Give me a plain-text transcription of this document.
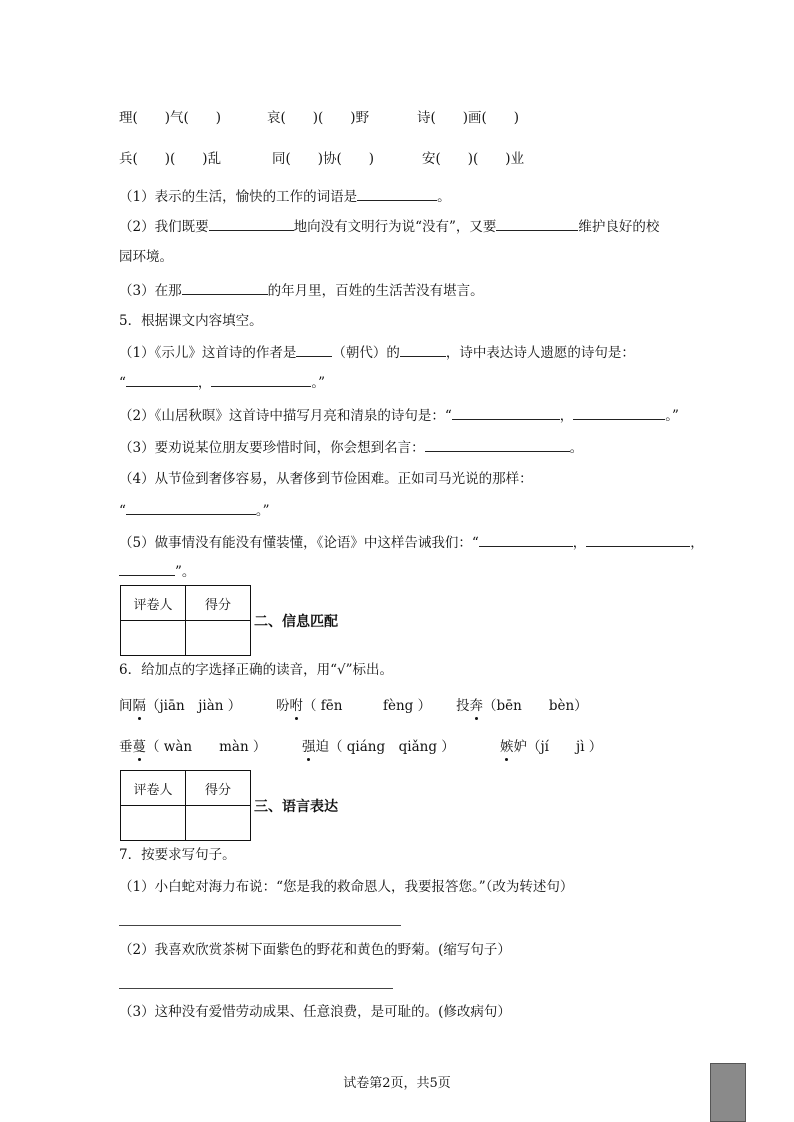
理(　　)气(　　)	哀(　　)(　　)野	诗(　　)画(　　)
兵(　　)(　　)乱	同(　　)协(　　)	安(　　)(　　)业
（1）表示的生活，愉快的工作的词语是	。
（2）我们既要	地向没有文明行为说“没有”，又要	维护良好的校
园环境。
（3）在那	的年月里，百姓的生活苦没有堪言。
5．根据课文内容填空。
（1）《示儿》这首诗的作者是	（朝代）的	，诗中表达诗人遗愿的诗句是：
“	，	。”
（2）《山居秋暝》这首诗中描写月亮和清泉的诗句是：“	，	。”
（3）要劝说某位朋友要珍惜时间，你会想到名言：	。
（4）从节俭到奢侈容易，从奢侈到节俭困难。正如司马光说的那样：
“	。”
（5）做事情没有能没有懂装懂，《论语》中这样告诫我们：“	，	，
”。
评卷人	得分

二、信息匹配
6．给加点的字选择正确的读音，用“√”标出。
间隔（jiān　jiàn ）	吩咐（ fēn　　　fèng ） 投奔（bēn　　bèn）
垂蔓（ wàn　　màn ）	强迫（ qiáng　qiǎng ）	嫉妒（jí　　jì ）
评卷人	得分

三、语言表达
7．按要求写句子。
（1）小白蛇对海力布说：“您是我的救命恩人，我要报答您。”（改为转述句）
（2）我喜欢欣赏茶树下面紫色的野花和黄色的野菊。(缩写句子）
（3）这种没有爱惜劳动成果、任意浪费，是可耻的。(修改病句）
试卷第2页，共5页
